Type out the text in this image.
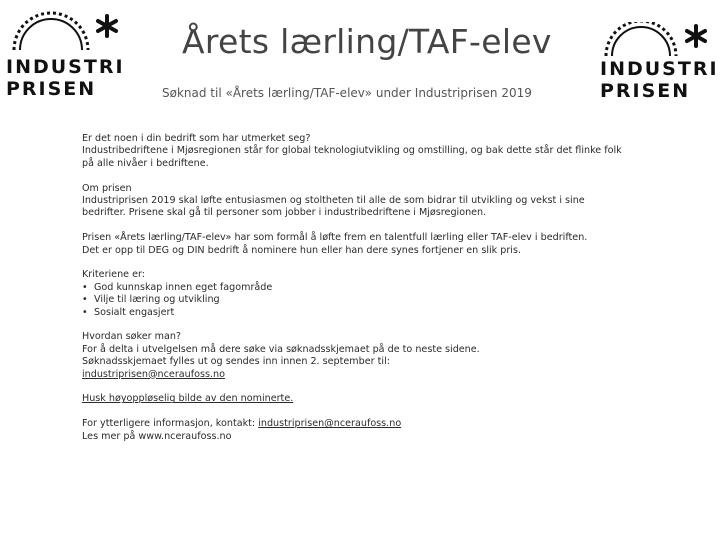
INDUSTRI
PRISEN
INDUSTRI
PRISEN
Årets lærling/TAF-elev
Søknad til «Årets lærling/TAF-elev» under Industriprisen 2019

Er det noen i din bedrift som har utmerket seg?
Industribedriftene i Mjøsregionen står for global teknologiutvikling og omstilling, og bak dette står det flinke folk på alle nivåer i bedriftene.

Om prisen
Industriprisen 2019 skal løfte entusiasmen og stoltheten til alle de som bidrar til utvikling og vekst i sine bedrifter. Prisene skal gå til personer som jobber i industribedriftene i Mjøsregionen.

Prisen «Årets lærling/TAF-elev» har som formål å løfte frem en talentfull lærling eller TAF-elev i bedriften.
Det er opp til DEG og DIN bedrift å nominere hun eller han dere synes fortjener en slik pris.

Kriteriene er:
• God kunnskap innen eget fagområde
• Vilje til læring og utvikling
• Sosialt engasjert

Hvordan søker man?
For å delta i utvelgelsen må dere søke via søknadsskjemaet på de to neste sidene.
Søknadsskjemaet fylles ut og sendes inn innen 2. september til:
industriprisen@nceraufoss.no

Husk høyoppløselig bilde av den nominerte.

For ytterligere informasjon, kontakt: industriprisen@nceraufoss.no
Les mer på www.nceraufoss.no
